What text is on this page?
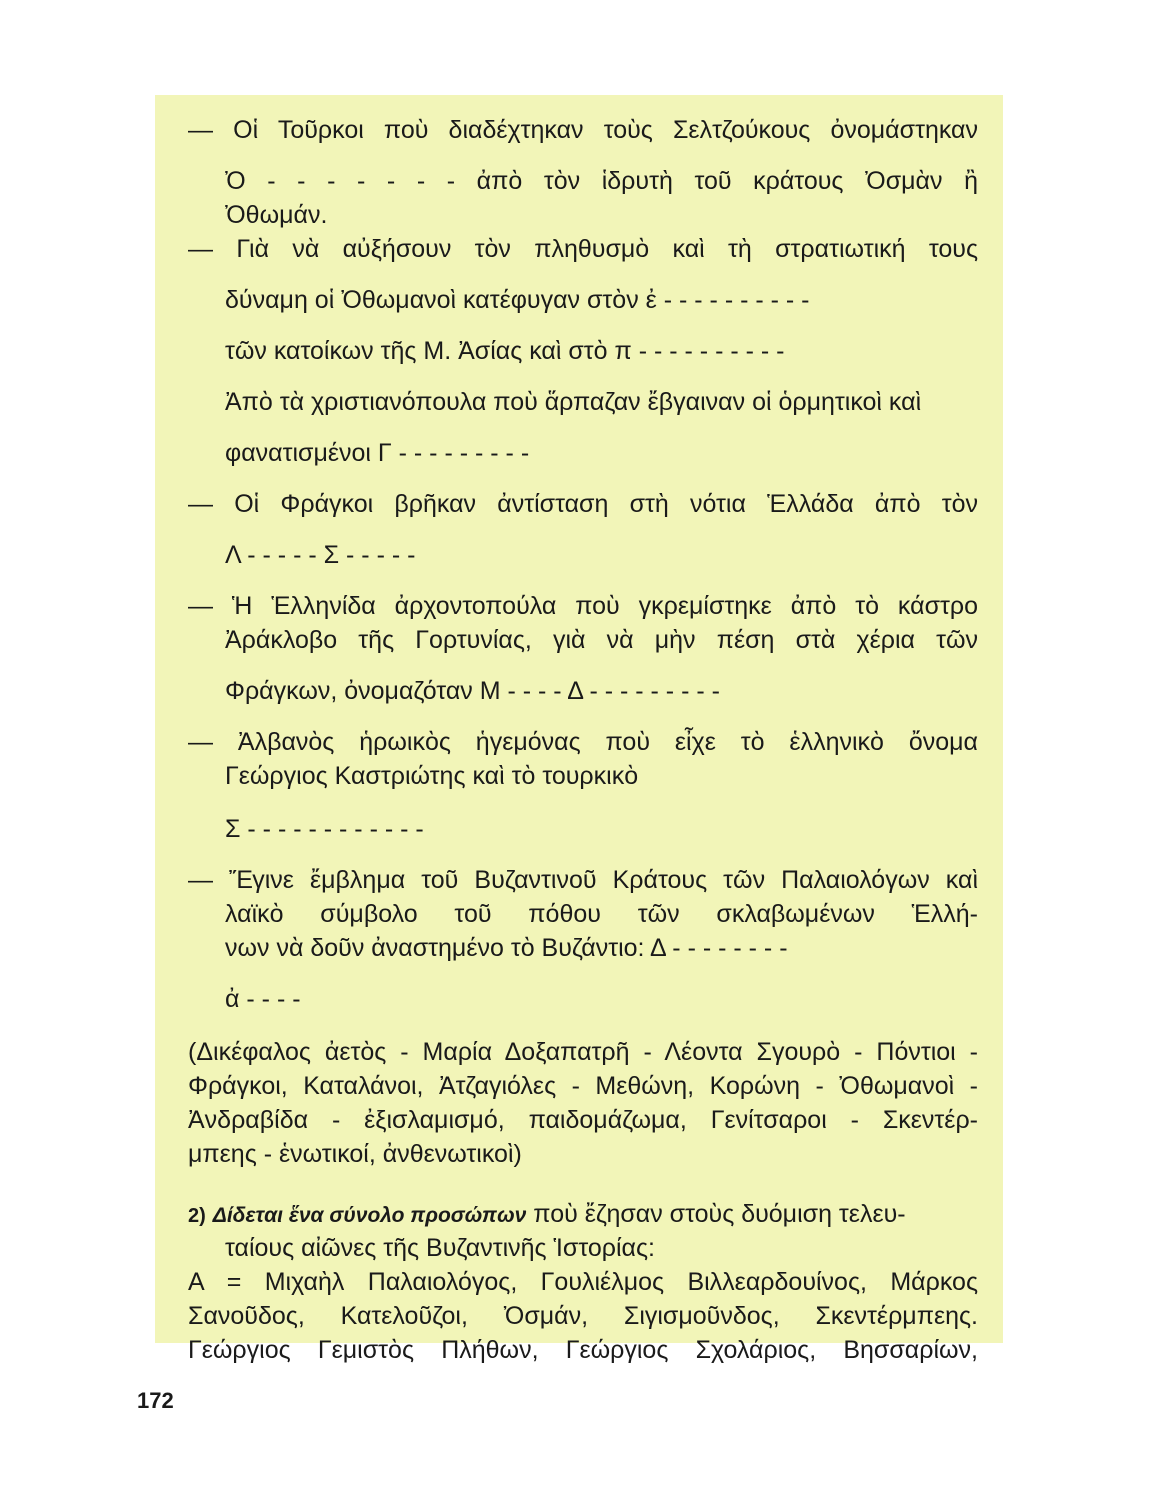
— Οἱ Τοῦρκοι ποὺ διαδέχτηκαν τοὺς Σελτζούκους ὀνομάστηκαν
Ὀ - - - - - - - ἀπὸ τὸν ἱδρυτὴ τοῦ κράτους Ὀσμὰν ἢ
Ὀθωμάν.
— Γιὰ νὰ αὐξήσουν τὸν πληθυσμὸ καὶ τὴ στρατιωτική τους
δύναμη οἱ Ὀθωμανοὶ κατέφυγαν στὸν ἐ - - - - - - - - - -
τῶν κατοίκων τῆς Μ. Ἀσίας καὶ στὸ π - - - - - - - - - -
Ἀπὸ τὰ χριστιανόπουλα ποὺ ἅρπαζαν ἔβγαιναν οἱ ὁρμητικοὶ καὶ
φανατισμένοι Γ - - - - - - - - -
— Οἱ Φράγκοι βρῆκαν ἀντίσταση στὴ νότια Ἑλλάδα ἀπὸ τὸν
Λ - - - - - Σ - - - - -
— Ἡ Ἑλληνίδα ἀρχοντοπούλα ποὺ γκρεμίστηκε ἀπὸ τὸ κάστρο
Ἀράκλοβο τῆς Γορτυνίας, γιὰ νὰ μὴν πέση στὰ χέρια τῶν
Φράγκων, ὀνομαζόταν Μ - - - - Δ - - - - - - - - -
— Ἀλβανὸς ἡρωικὸς ἡγεμόνας ποὺ εἶχε τὸ ἑλληνικὸ ὄνομα
Γεώργιος Καστριώτης καὶ τὸ τουρκικὸ
Σ - - - - - - - - - - - -
— Ἔγινε ἔμβλημα τοῦ Βυζαντινοῦ Κράτους τῶν Παλαιολόγων καὶ
λαϊκὸ σύμβολο τοῦ πόθου τῶν σκλαβωμένων Ἑλλή-
νων νὰ δοῦν ἀναστημένο τὸ Βυζάντιο: Δ - - - - - - - -
ἀ - - - -
(Δικέφαλος ἀετὸς - Μαρία Δοξαπατρῆ - Λέοντα Σγουρὸ - Πόντιοι -
Φράγκοι, Καταλάνοι, Ἀτζαγιόλες - Μεθώνη, Κορώνη - Ὀθωμανοὶ -
Ἀνδραβίδα - ἐξισλαμισμό, παιδομάζωμα, Γενίτσαροι - Σκεντέρ-
μπεης - ἑνωτικοί, ἀνθενωτικοὶ)
2) Δίδεται ἕνα σύνολο προσώπων ποὺ ἔζησαν στοὺς δυόμιση τελευ-
ταίους αἰῶνες τῆς Βυζαντινῆς Ἱστορίας:
Α = Μιχαὴλ Παλαιολόγος, Γουλιέλμος Βιλλεαρδουίνος, Μάρκος
Σανοῦδος, Κατελοῦζοι, Ὀσμάν, Σιγισμοῦνδος, Σκεντέρμπεης.
Γεώργιος Γεμιστὸς Πλήθων, Γεώργιος Σχολάριος, Βησσαρίων,
172
